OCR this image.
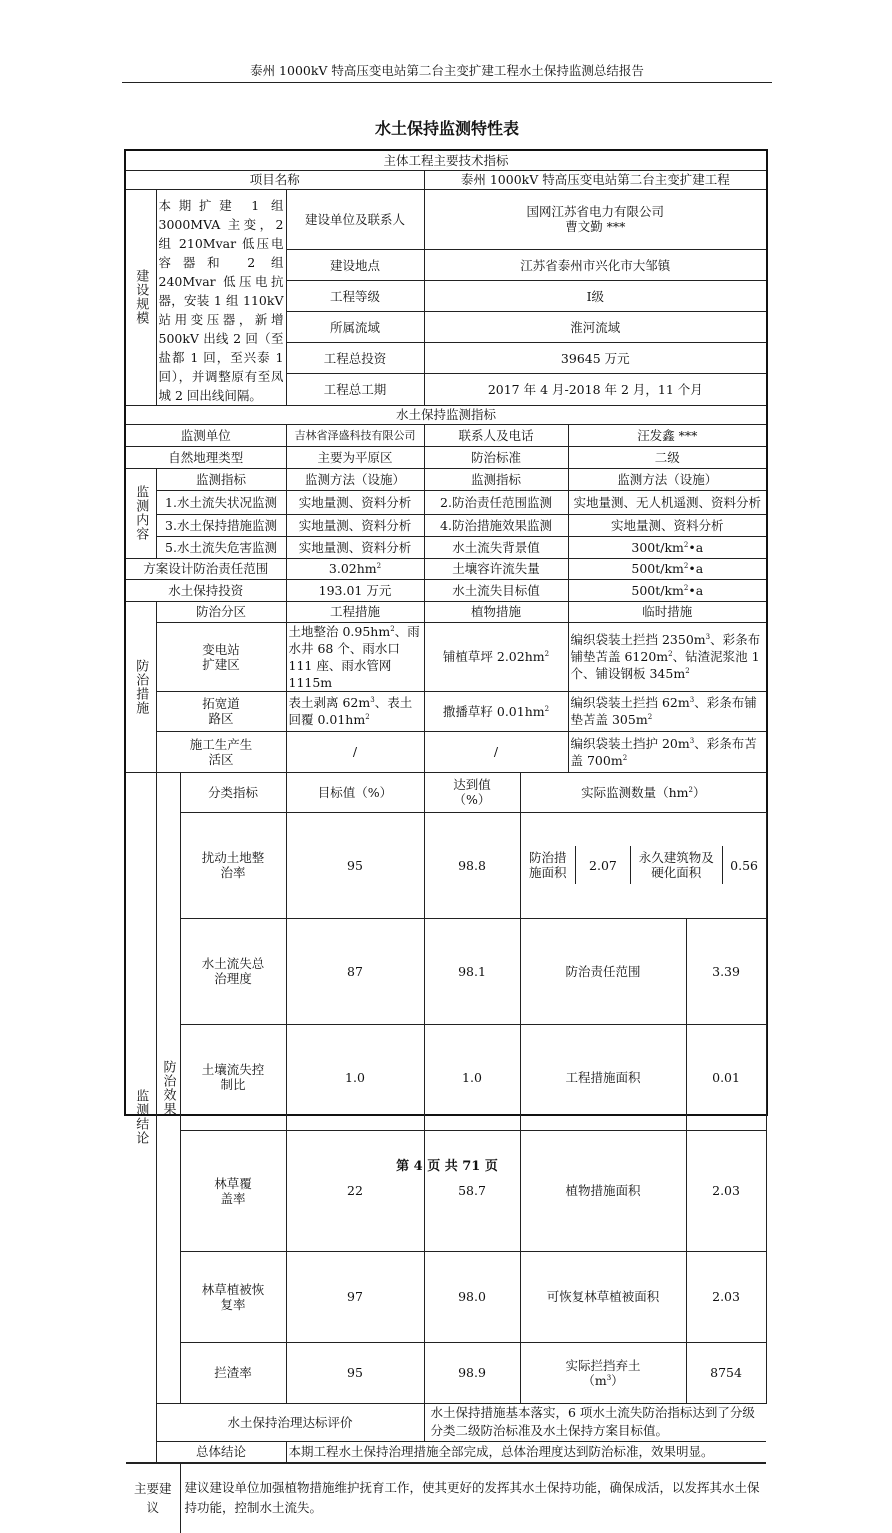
泰州 1000kV 特高压变电站第二台主变扩建工程水土保持监测总结报告
水土保持监测特性表
主体工程主要技术指标
项目名称	泰州 1000kV 特高压变电站第二台主变扩建工程
建设规模	本期扩建 1 组 3000MVA 主变，2 组 210Mvar 低压电容器和 2 组 240Mvar 低压电抗器，安装 1 组 110kV 站用变压器，新增 500kV 出线 2 回（至盐都 1 回，至兴泰 1 回），并调整原有至凤城 2 回出线间隔。	建设单位及联系人	国网江苏省电力有限公司
曹文勤 ***

建设地点	江苏省泰州市兴化市大邹镇
工程等级	Ⅰ级
所属流域	淮河流域
工程总投资	39645 万元
工程总工期	2017 年 4 月-2018 年 2 月，11 个月
水土保持监测指标
监测单位	吉林省泽盛科技有限公司	联系人及电话	汪发鑫 ***
自然地理类型	主要为平原区	防治标准	二级
监测内容	监测指标	监测方法（设施）	监测指标	监测方法（设施）
1.水土流失状况监测	实地量测、资料分析	2.防治责任范围监测	实地量测、无人机遥测、资料分析
3.水土保持措施监测	实地量测、资料分析	4.防治措施效果监测	实地量测、资料分析
5.水土流失危害监测	实地量测、资料分析	水土流失背景值	$300t/km^2•a$
方案设计防治责任范围	$3.02hm^2$	土壤容许流失量	$500t/km^2•a$
水土保持投资	193.01 万元	水土流失目标值	$500t/km^2•a$
防治措施	防治分区	工程措施	植物措施	临时措施
变电站扩建区	土地整治 $0.95hm^2$、雨水井 68 个、雨水口 111 座、雨水管网 1115m	铺植草坪 $2.02hm^2$	编织袋装土拦挡 $2350m^3$、彩条布铺垫苫盖 $6120m^2$、钻渣泥浆池 1 个、铺设钢板 $345m^2$
拓宽道路区	表土剥离 $62m^3$、表土回覆 $0.01hm^2$	撒播草籽 $0.01hm^2$	编织袋装土拦挡 $62m^3$、彩条布铺垫苫盖 $305m^2$
施工生产生活区	/	/	编织袋装土挡护 $20m^3$、彩条布苫盖 $700m^2$
监测结论	防治效果	分类指标	目标值（%）	达到值（%）	实际监测数量$(hm^2)$
扰动土地整治率	95	98.8		防治措施面积	2.07	永久建筑物及硬化面积	0.56

水土流失总治理度	87	98.1	防治责任范围	3.39		
土壤流失控制比	1.0	1.0	工程措施面积	0.01		
林草覆盖率	22	58.7	植物措施面积	2.03		
林草植被恢复率	97	98.0	可恢复林草植被面积	2.03		
拦渣率	95	98.9	实际拦挡弃土$(m^3)$	8754		
水土保持治理达标评价	水土保持措施基本落实，6 项水土流失防治指标达到了分级分类二级防治标准及水土保持方案目标值。
总体结论	本期工程水土保持治理措施全部完成，总体治理度达到防治标准，效果明显。

主要建议	建议建设单位加强植物措施维护抚育工作，使其更好的发挥其水土保持功能，确保成活，以发挥其水土保持功能，控制水土流失。
第 4 页 共 71 页
